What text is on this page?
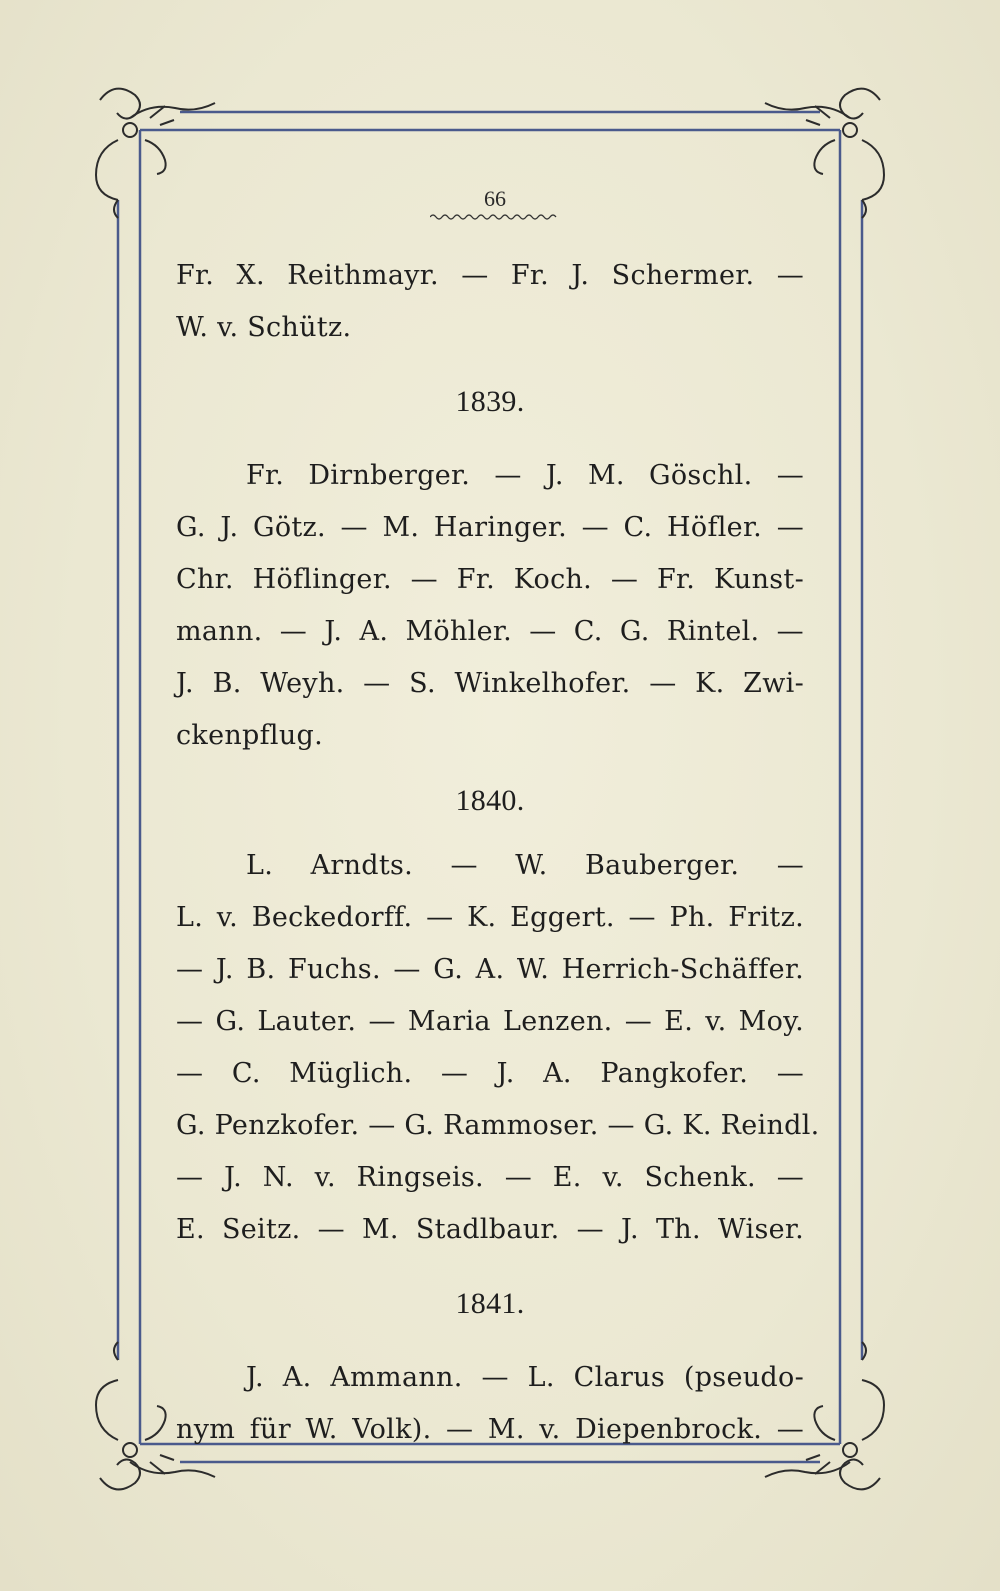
66
Fr. X. Reithmayr. — Fr. J. Schermer. —
W. v. Schütz.
1839.
Fr. Dirnberger. — J. M. Göschl. —
G. J. Götz. — M. Haringer. — C. Höfler. —
Chr. Höflinger. — Fr. Koch. — Fr. Kunst-
mann. — J. A. Möhler. — C. G. Rintel. —
J. B. Weyh. — S. Winkelhofer. — K. Zwi-
ckenpflug.
1840.
L. Arndts. — W. Bauberger. —
L. v. Beckedorff. — K. Eggert. — Ph. Fritz.
— J. B. Fuchs. — G. A. W. Herrich-Schäffer.
— G. Lauter. — Maria Lenzen. — E. v. Moy.
— C. Müglich. — J. A. Pangkofer. —
G. Penzkofer. — G. Rammoser. — G. K. Reindl.
— J. N. v. Ringseis. — E. v. Schenk. —
E. Seitz. — M. Stadlbaur. — J. Th. Wiser.
1841.
J. A. Ammann. — L. Clarus (pseudo-
nym für W. Volk). — M. v. Diepenbrock. —
